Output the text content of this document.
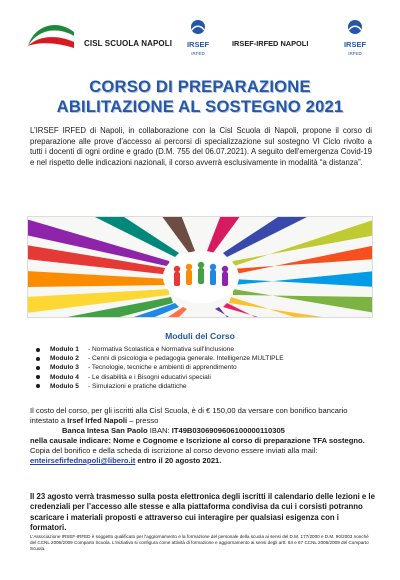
CISL SCUOLA NAPOLI IRSEF
IRFED
IRSEF-IRFED NAPOLI	IRSEF
IRFED
CORSO DI PREPARAZIONE
ABILITAZIONE AL SOSTEGNO 2021

L’IRSEF IRFED di Napoli, in collaborazione con la Cisl Scuola di Napoli, propone il corso di preparazione alle prove d’accesso ai percorsi di specializzazione sul sostegno VI Ciclo rivolto a tutti i docenti di ogni ordine e grado (D.M. 755 del 06.07.2021). A seguito dell'emergenza Covid-19 e nel rispetto delle indicazioni nazionali, il corso avverrà esclusivamente in modalità “a distanza”.

Moduli del Corso
Modulo 1	- Normativa Scolastica e Normativa sull'Inclusione
Modulo 2	- Cenni di psicologia e pedagogia generale. Intelligenze MULTIPLE
Modulo 3	- Tecnologie, tecniche e ambienti di apprendimento
Modulo 4	- Le disabilità e i Bisogni educativi speciali
Modulo 5	- Simulazioni e pratiche didattiche

Il costo del corso, per gli iscritti alla Cisl Scuola, è di € 150,00 da versare con bonifico bancario intestato a Irsef Irfed Napoli – presso

Banca Intesa San Paolo IBAN: IT49B0306909606100000110305

nella causale indicare: Nome e Cognome e Iscrizione al corso di preparazione TFA sostegno.

Copia del bonifico e della scheda di iscrizione al corso devono essere inviati alla mail: enteirsefirfednapoli@libero.it entro il 20 agosto 2021.

Il 23 agosto verrà trasmesso sulla posta elettronica degli iscritti il calendario delle lezioni e le credenziali per l’accesso alle stesse e alla piattaforma condivisa da cui i corsisti potranno scaricare i materiali proposti e attraverso cui interagire per qualsiasi esigenza con i formatori.

L’Associazione IRSEF-IRFED è soggetto qualificato per l'aggiornamento e la formazione del personale della scuola ai sensi del D.M. 177/2000 e D.M. 90/2003 nonché del CCNL 2006/2009 Comparto Scuola. L'iniziativa si configura come attività di formazione e aggiornamento ai sensi degli artt. 64 e 67 CCNL 2006/2009 del Comparto Scuola.
